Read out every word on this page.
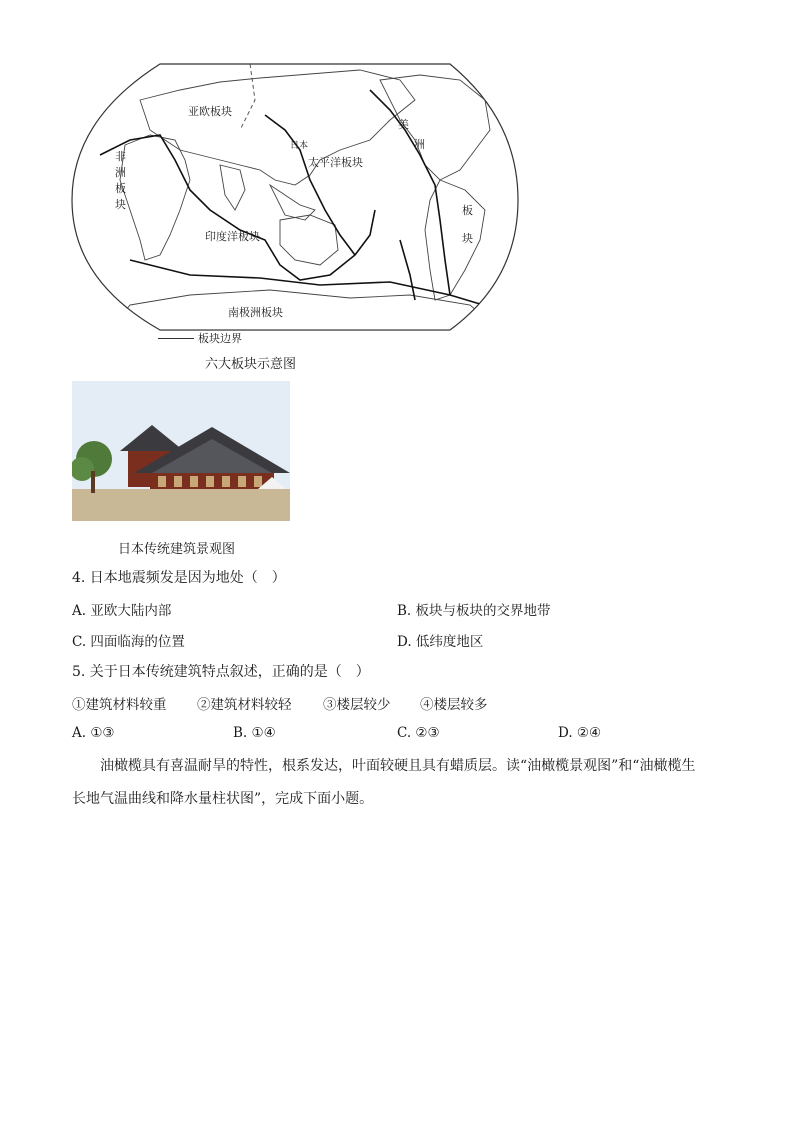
亚欧板块
非
洲
板
块
印度洋板块
日本
太平洋板块
美
洲
板
块
南极洲板块
板块边界
六大板块示意图
日本传统建筑景观图
4. 日本地震频发是因为地处（　）
A. 亚欧大陆内部	B. 板块与板块的交界地带
C. 四面临海的位置	D. 低纬度地区
5. 关于日本传统建筑特点叙述，正确的是（　）
①建筑材料较重 ②建筑材料较轻 ③楼层较少 ④楼层较多
A. ①③	B. ①④	C. ②③	D. ②④
油橄榄具有喜温耐旱的特性，根系发达，叶面较硬且具有蜡质层。读“油橄榄景观图”和“油橄榄生
长地气温曲线和降水量柱状图”，完成下面小题。
